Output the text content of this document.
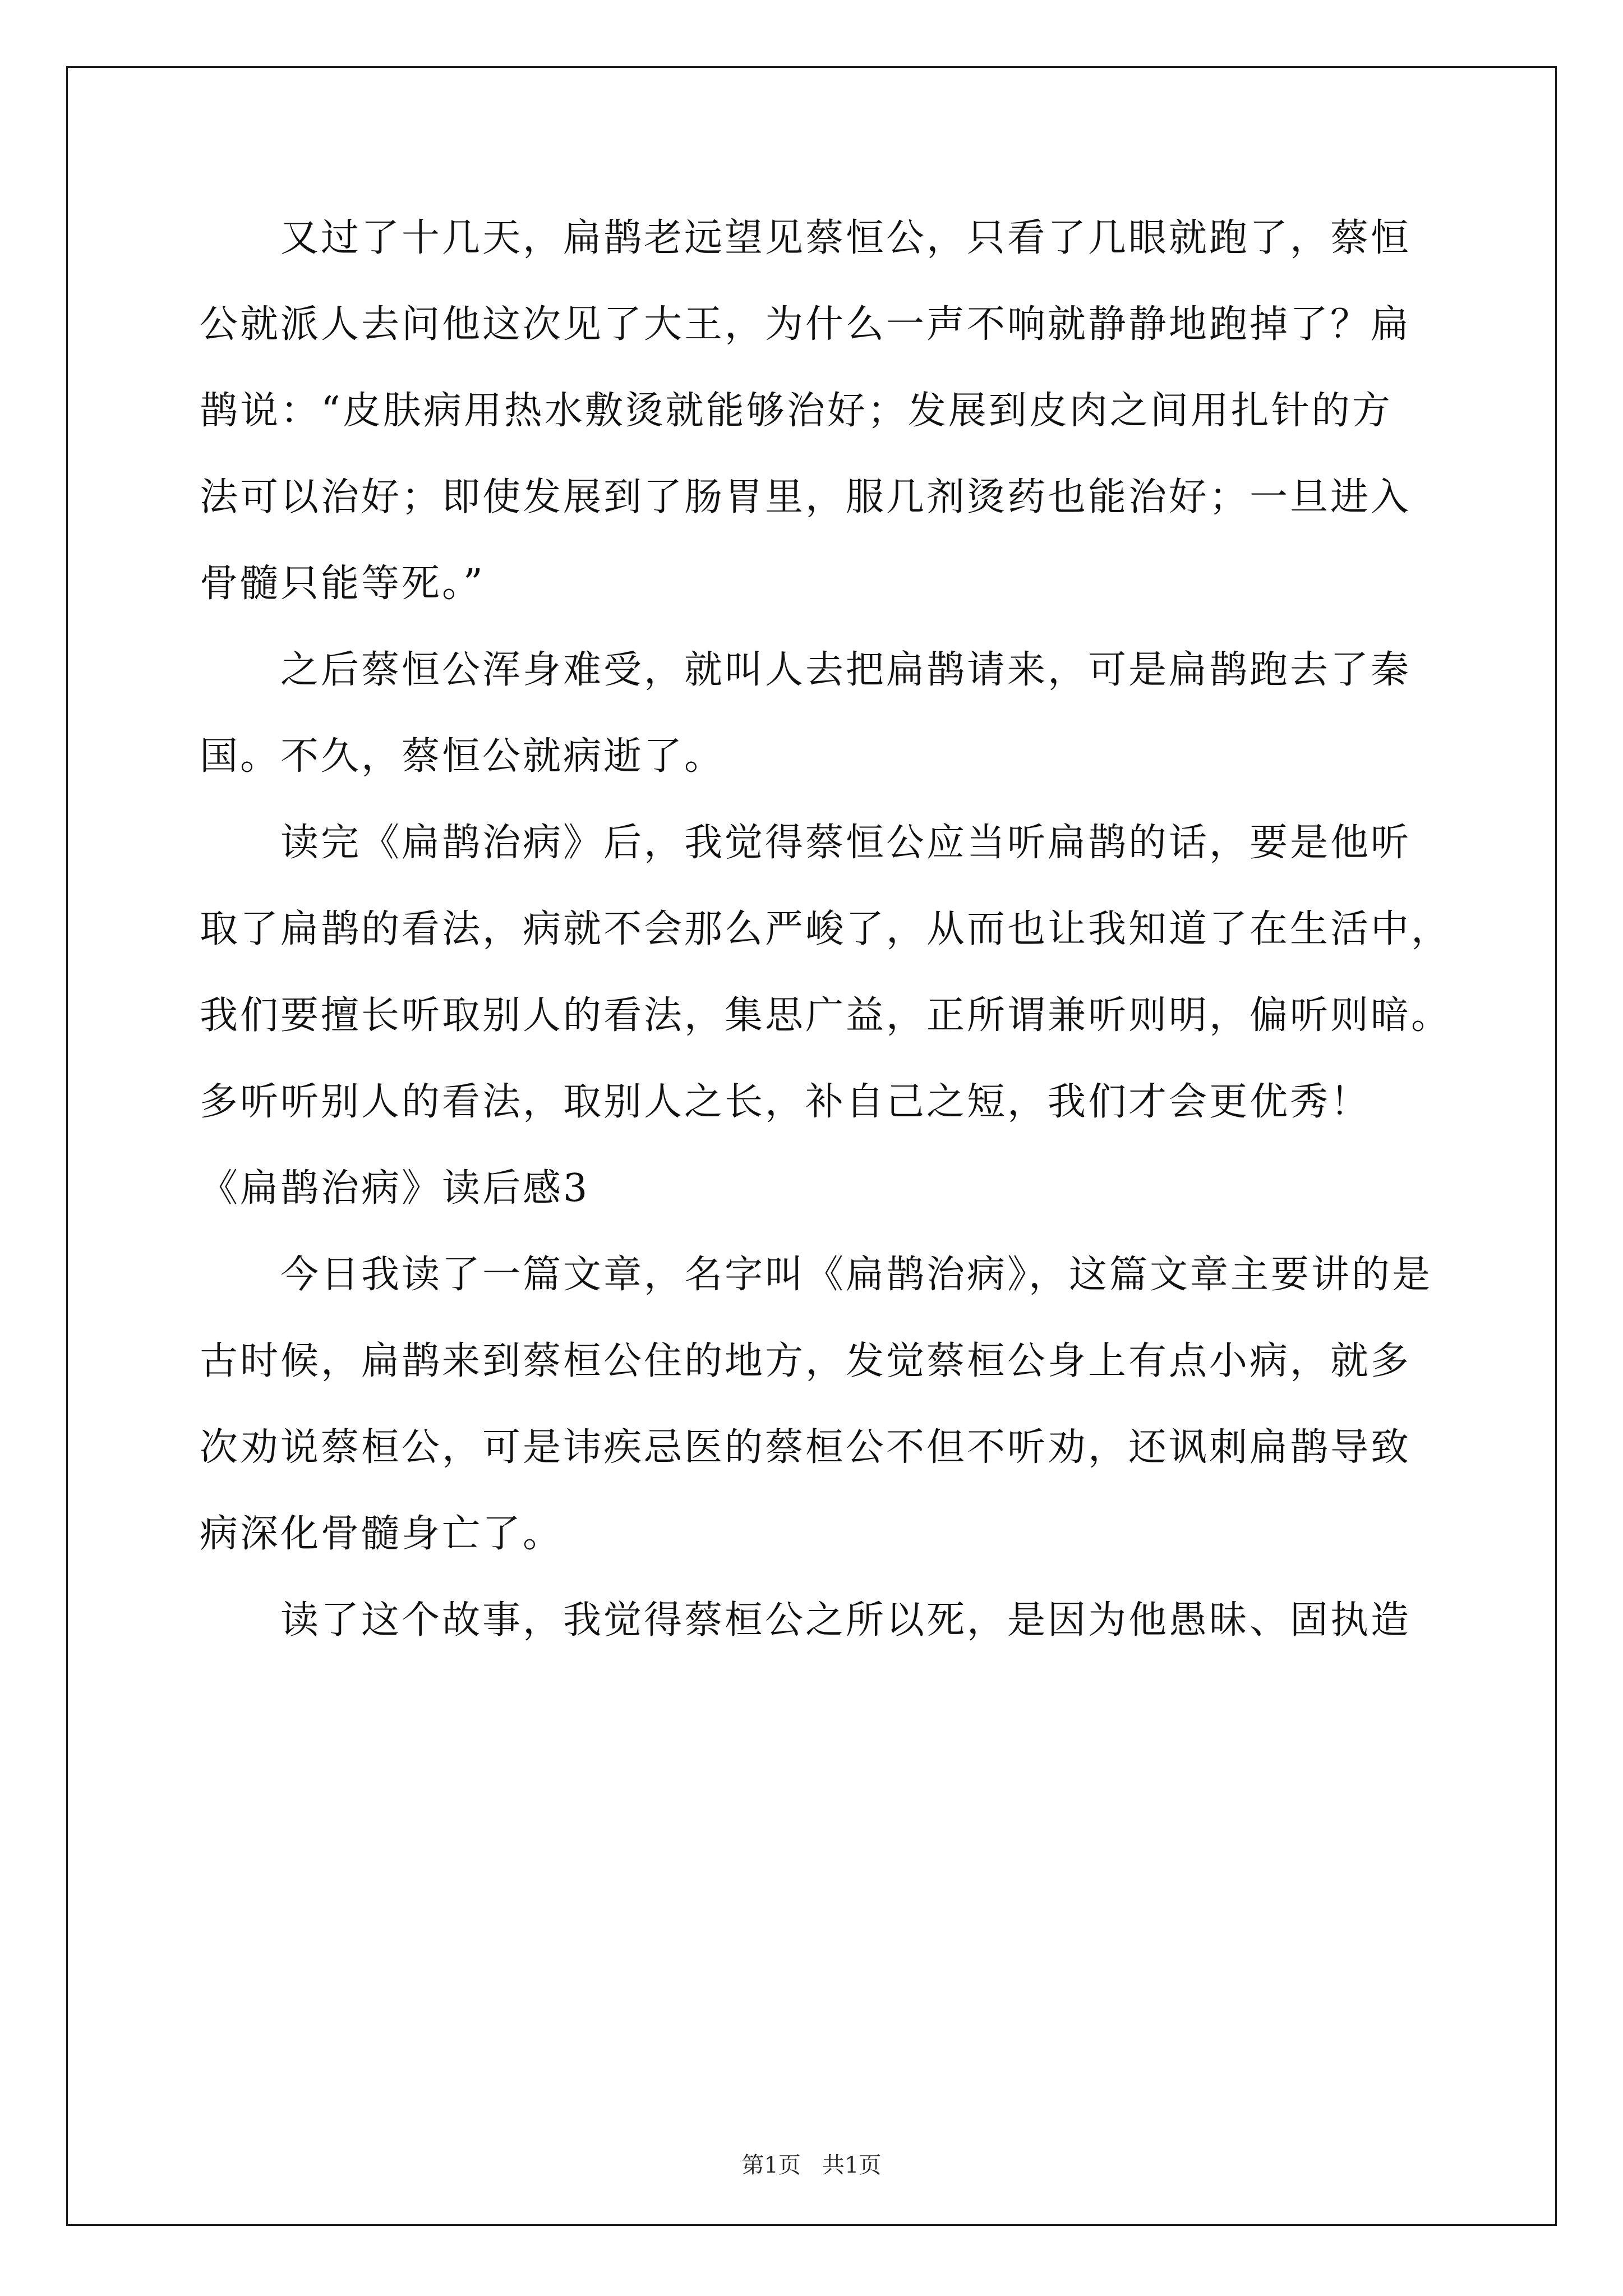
又过了十几天，扁鹊老远望见蔡恒公，只看了几眼就跑了，蔡恒
公就派人去问他这次见了大王，为什么一声不响就静静地跑掉了？扁
鹊说：“皮肤病用热水敷烫就能够治好；发展到皮肉之间用扎针的方
法可以治好；即使发展到了肠胃里，服几剂烫药也能治好；一旦进入
骨髓只能等死。”
之后蔡恒公浑身难受，就叫人去把扁鹊请来，可是扁鹊跑去了秦
国。不久，蔡恒公就病逝了。
读完《扁鹊治病》后，我觉得蔡恒公应当听扁鹊的话，要是他听
取了扁鹊的看法，病就不会那么严峻了，从而也让我知道了在生活中，
我们要擅长听取别人的看法，集思广益，正所谓兼听则明，偏听则暗。
多听听别人的看法，取别人之长，补自己之短，我们才会更优秀！
《扁鹊治病》读后感3
今日我读了一篇文章，名字叫《扁鹊治病》，这篇文章主要讲的是
古时候，扁鹊来到蔡桓公住的地方，发觉蔡桓公身上有点小病，就多
次劝说蔡桓公，可是讳疾忌医的蔡桓公不但不听劝，还讽刺扁鹊导致
病深化骨髓身亡了。
读了这个故事，我觉得蔡桓公之所以死，是因为他愚昧、固执造
第1页   共1页
